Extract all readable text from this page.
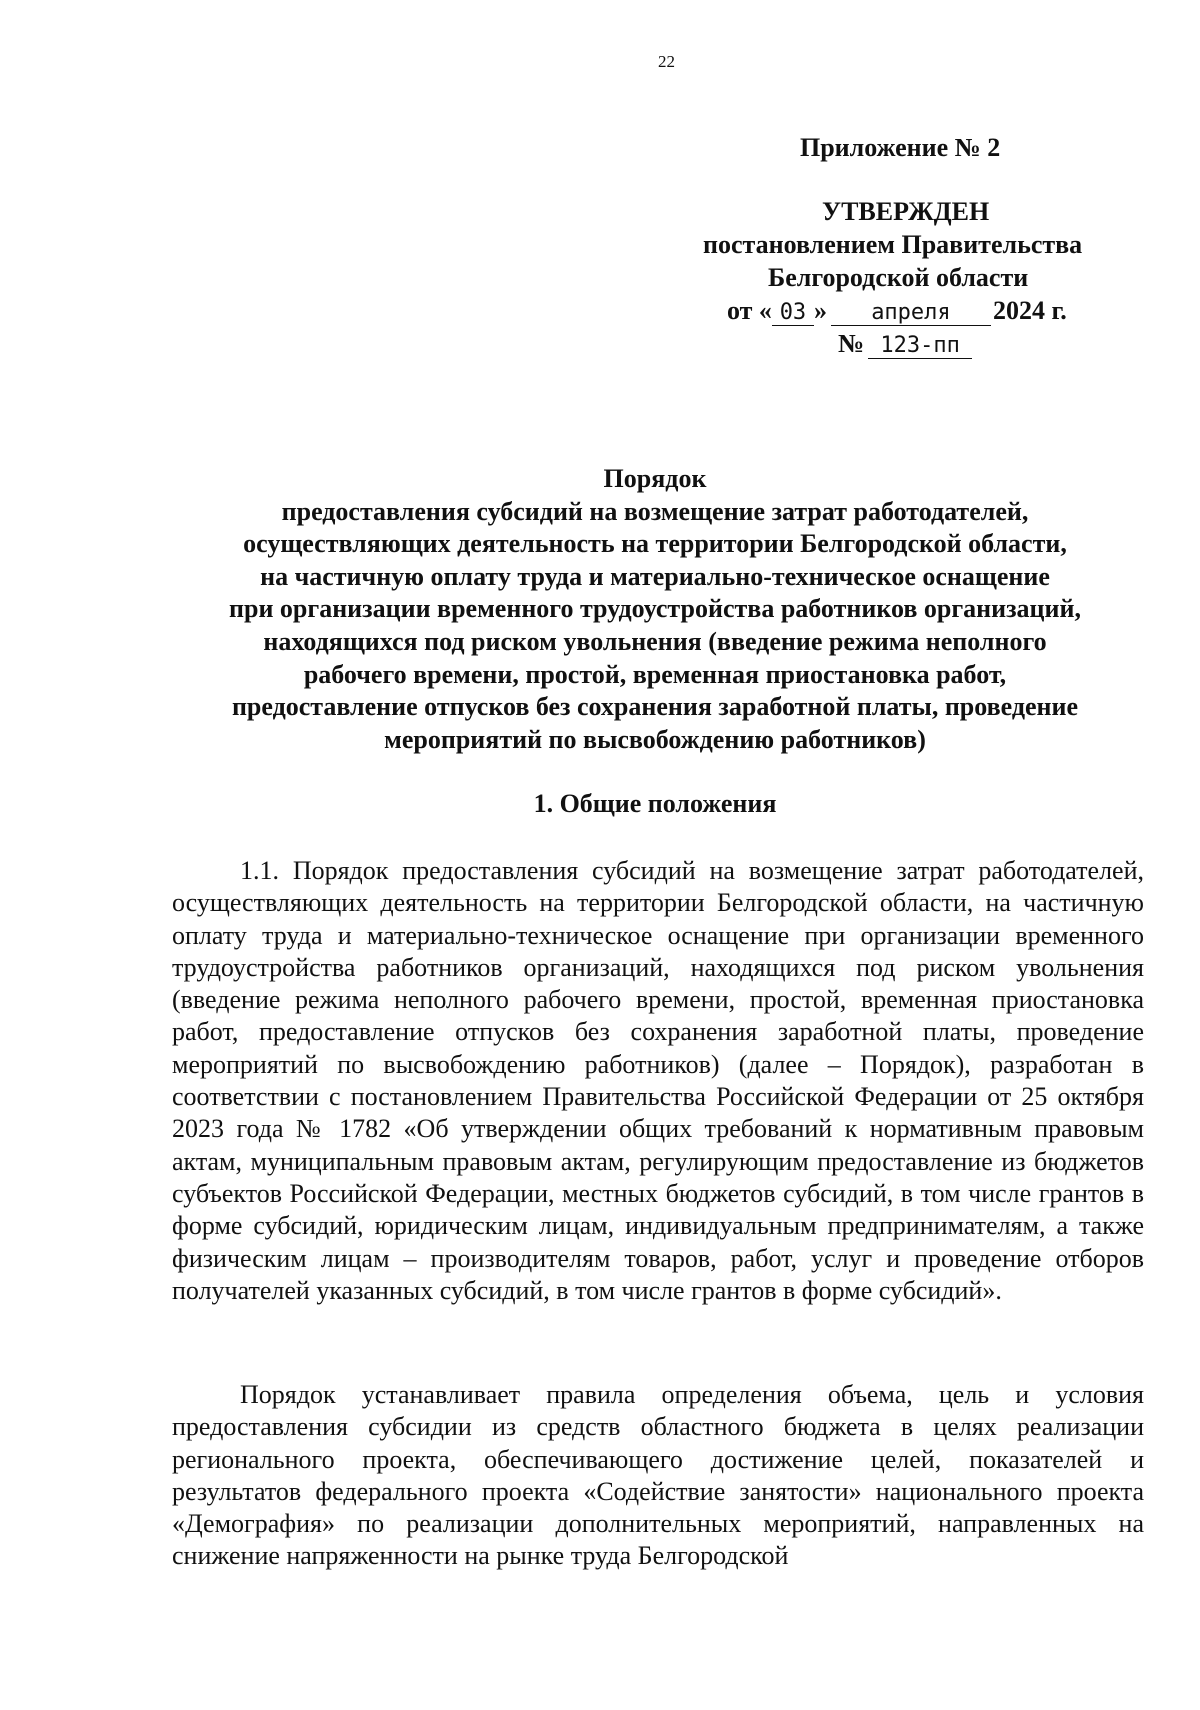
22
Приложение № 2
УТВЕРЖДЕН
постановлением Правительства
Белгородской области
от « 03 » апреля 2024 г.
№ 123-пп
Порядок
предоставления субсидий на возмещение затрат работодателей,
осуществляющих деятельность на территории Белгородской области,
на частичную оплату труда и материально-техническое оснащение
при организации временного трудоустройства работников организаций,
находящихся под риском увольнения (введение режима неполного
рабочего времени, простой, временная приостановка работ,
предоставление отпусков без сохранения заработной платы, проведение
мероприятий по высвобождению работников)
1. Общие положения

1.1. Порядок предоставления субсидий на возмещение затрат работодателей, осуществляющих деятельность на территории Белгородской области, на частичную оплату труда и материально-техническое оснащение при организации временного трудоустройства работников организаций, находящихся под риском увольнения (введение режима неполного рабочего времени, простой, временная приостановка работ, предоставление отпусков без сохранения заработной платы, проведение мероприятий по высвобождению работников) (далее – Порядок), разработан в соответствии с постановлением Правительства Российской Федерации от 25 октября 2023 года № 1782 «Об утверждении общих требований к нормативным правовым актам, муниципальным правовым актам, регулирующим предоставление из бюджетов субъектов Российской Федерации, местных бюджетов субсидий, в том числе грантов в форме субсидий, юридическим лицам, индивидуальным предпринимателям, а также физическим лицам – производителям товаров, работ, услуг и проведение отборов получателей указанных субсидий, в том числе грантов в форме субсидий».

Порядок устанавливает правила определения объема, цель и условия предоставления субсидии из средств областного бюджета в целях реализации регионального проекта, обеспечивающего достижение целей, показателей и результатов федерального проекта «Содействие занятости» национального проекта «Демография» по реализации дополнительных мероприятий, направленных на снижение напряженности на рынке труда Белгородской
